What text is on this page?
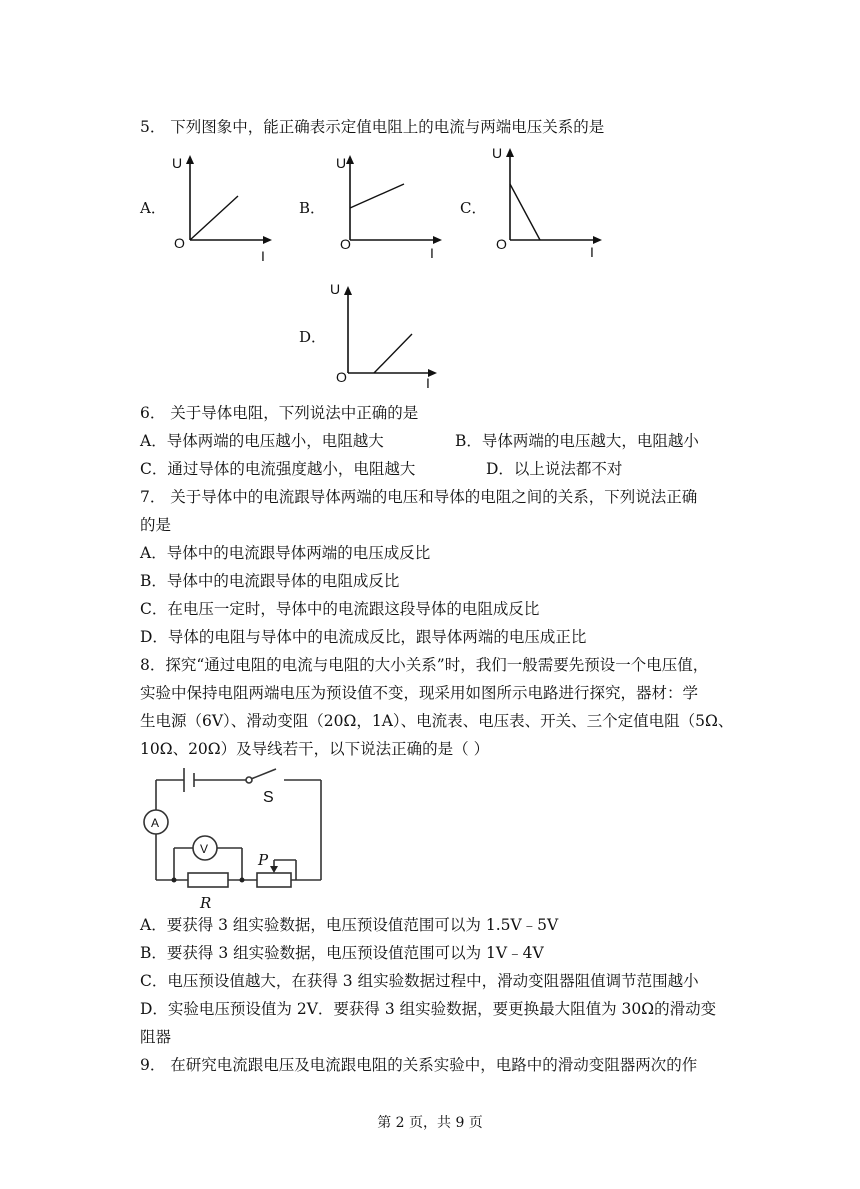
5． 下列图象中，能正确表示定值电阻上的电流与两端电压关系的是
A．
U
O
I
B．
U
O
I
C．
U
O	I
D．
U
O	I
6． 关于导体电阻，下列说法中正确的是
A．导体两端的电压越小，电阻越大	B．导体两端的电压越大，电阻越小
C．通过导体的电流强度越小，电阻越大	D．以上说法都不对
7． 关于导体中的电流跟导体两端的电压和导体的电阻之间的关系，下列说法正确
的是
A．导体中的电流跟导体两端的电压成反比
B．导体中的电流跟导体的电阻成反比
C．在电压一定时，导体中的电流跟这段导体的电阻成反比
D．导体的电阻与导体中的电流成反比，跟导体两端的电压成正比
8．探究“通过电阻的电流与电阻的大小关系”时，我们一般需要先预设一个电压值，
实验中保持电阻两端电压为预设值不变，现采用如图所示电路进行探究，器材：学
生电源（6V）、滑动变阻（20Ω，1A）、电流表、电压表、开关、三个定值电阻（5Ω、
10Ω、20Ω）及导线若干，以下说法正确的是（ ）
S
A
V
P
R
A．要获得 3 组实验数据，电压预设值范围可以为 1.5V﹣5V
B．要获得 3 组实验数据，电压预设值范围可以为 1V﹣4V
C．电压预设值越大，在获得 3 组实验数据过程中，滑动变阻器阻值调节范围越小
D．实验电压预设值为 2V．要获得 3 组实验数据，要更换最大阻值为 30Ω的滑动变
阻器
9． 在研究电流跟电压及电流跟电阻的关系实验中，电路中的滑动变阻器两次的作
第 2 页，共 9 页
